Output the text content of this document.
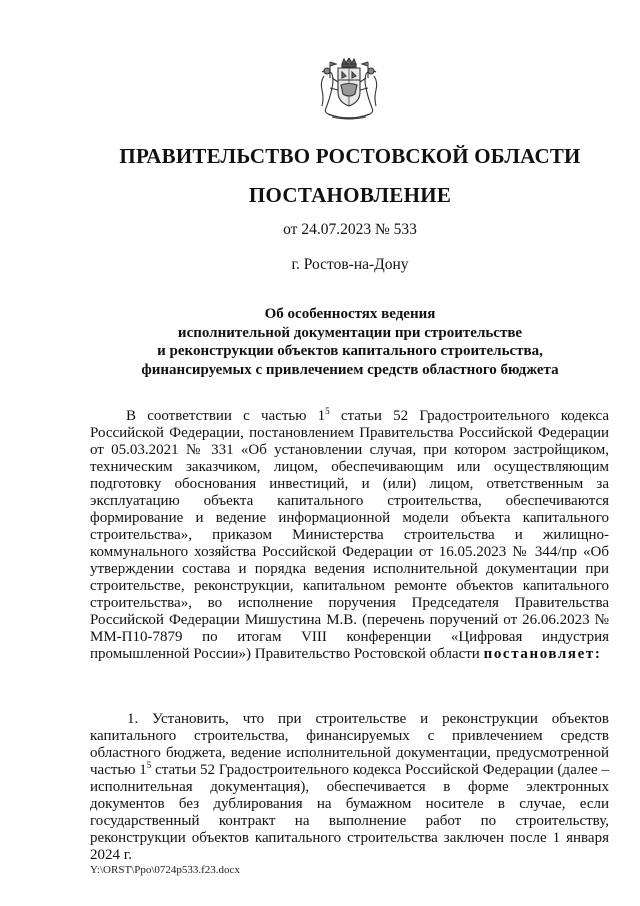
ПРАВИТЕЛЬСТВО РОСТОВСКОЙ ОБЛАСТИ
ПОСТАНОВЛЕНИЕ
от 24.07.2023 № 533
г. Ростов-на-Дону
Об особенностях ведения
исполнительной документации при строительстве
и реконструкции объектов капитального строительства,
финансируемых с привлечением средств областного бюджета

В соответствии с частью $1^5$ статьи 52 Градостроительного кодекса Российской Федерации, постановлением Правительства Российской Федерации от 05.03.2021 № 331 «Об установлении случая, при котором застройщиком, техническим заказчиком, лицом, обеспечивающим или осуществляющим подготовку обоснования инвестиций, и (или) лицом, ответственным за эксплуатацию объекта капитального строительства, обеспечиваются формирование и ведение информационной модели объекта капитального строительства», приказом Министерства строительства и жилищно-коммунального хозяйства Российской Федерации от 16.05.2023 № 344/пр «Об утверждении состава и порядка ведения исполнительной документации при строительстве, реконструкции, капитальном ремонте объектов капитального строительства», во исполнение поручения Председателя Правительства Российской Федерации Мишустина М.В. (перечень поручений от 26.06.2023 № ММ-П10-7879 по итогам VIII конференции «Цифровая индустрия промышленной России») Правительство Ростовской области постановляет:

1. Установить, что при строительстве и реконструкции объектов капитального строительства, финансируемых с привлечением средств областного бюджета, ведение исполнительной документации, предусмотренной частью $1^5$ статьи 52 Градостроительного кодекса Российской Федерации (далее – исполнительная документация), обеспечивается в форме электронных документов без дублирования на бумажном носителе в случае, если государственный контракт на выполнение работ по строительству, реконструкции объектов капитального строительства заключен после 1 января 2024 г.

Y:\ORST\Ppo\0724p533.f23.docx
